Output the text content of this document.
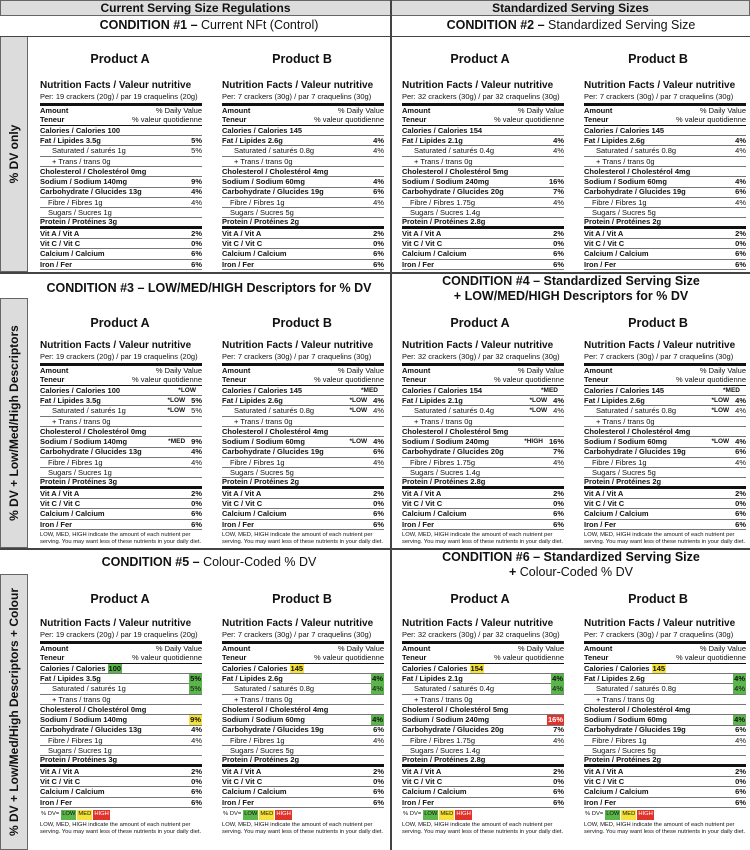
Current Serving Size Regulations	Standardized Serving Sizes
% DV only
% DV + Low/Med/High Descriptors
% DV + Low/Med/High Descriptors + Colour
CONDITION #1 – Current NFt (Control)	CONDITION #2 – Standardized Serving Size
CONDITION #3 – LOW/MED/HIGH Descriptors for % DV	CONDITION #4 – Standardized Serving Size + LOW/MED/HIGH Descriptors for % DV
CONDITION #5 – Colour-Coded % DV	CONDITION #6 – Standardized Serving Size + Colour-Coded % DV
Product A
Nutrition Facts / Valeur nutritive
Per: 19 crackers (20g) / par 19 craquelins (20g)
Amount
Teneur
% Daily Value
% valeur quotidienne
Calories / Calories 100
Fat / Lipides 3.5g	5%
Saturated / saturés 1g	5%
+ Trans / trans 0g
Cholesterol / Cholestérol 0mg
Sodium / Sodium 140mg	9%
Carbohydrate / Glucides 13g	4%
Fibre / Fibres 1g	4%
Sugars / Sucres 1g
Protein / Protéines 3g
Vit A / Vit A	2%
Vit C / Vit C	0%
Calcium / Calcium	6%
Iron / Fer	6%
Product B
Nutrition Facts / Valeur nutritive
Per: 7 crackers (30g) / par 7 craquelins (30g)
Amount
Teneur
% Daily Value
% valeur quotidienne
Calories / Calories 145
Fat / Lipides 2.6g	4%
Saturated / saturés 0.8g	4%
+ Trans / trans 0g
Cholesterol / Cholestérol 4mg
Sodium / Sodium 60mg	4%
Carbohydrate / Glucides 19g	6%
Fibre / Fibres 1g	4%
Sugars / Sucres 5g
Protein / Protéines 2g
Vit A / Vit A	2%
Vit C / Vit C	0%
Calcium / Calcium	6%
Iron / Fer	6%
Product A
Nutrition Facts / Valeur nutritive
Per: 32 crackers (30g) / par 32 craquelins (30g)
Amount
Teneur
% Daily Value
% valeur quotidienne
Calories / Calories 154
Fat / Lipides 2.1g	4%
Saturated / saturés 0.4g	4%
+ Trans / trans 0g
Cholesterol / Cholestérol 5mg
Sodium / Sodium 240mg	16%
Carbohydrate / Glucides 20g	7%
Fibre / Fibres 1.75g	4%
Sugars / Sucres 1.4g
Protein / Protéines 2.8g
Vit A / Vit A	2%
Vit C / Vit C	0%
Calcium / Calcium	6%
Iron / Fer	6%
Product B
Nutrition Facts / Valeur nutritive
Per: 7 crackers (30g) / par 7 craquelins (30g)
Amount
Teneur
% Daily Value
% valeur quotidienne
Calories / Calories 145
Fat / Lipides 2.6g	4%
Saturated / saturés 0.8g	4%
+ Trans / trans 0g
Cholesterol / Cholestérol 4mg
Sodium / Sodium 60mg	4%
Carbohydrate / Glucides 19g	6%
Fibre / Fibres 1g	4%
Sugars / Sucres 5g
Protein / Protéines 2g
Vit A / Vit A	2%
Vit C / Vit C	0%
Calcium / Calcium	6%
Iron / Fer	6%
Product A
Nutrition Facts / Valeur nutritive
Per: 19 crackers (20g) / par 19 craquelins (20g)
Amount
Teneur
% Daily Value
% valeur quotidienne
Calories / Calories 100	*LOW
Fat / Lipides 3.5g	*LOW 5%
Saturated / saturés 1g	*LOW 5%
+ Trans / trans 0g
Cholesterol / Cholestérol 0mg
Sodium / Sodium 140mg	*MED 9%
Carbohydrate / Glucides 13g	4%
Fibre / Fibres 1g	4%
Sugars / Sucres 1g
Protein / Protéines 3g
Vit A / Vit A	2%
Vit C / Vit C	0%
Calcium / Calcium	6%
Iron / Fer	6%
LOW, MED, HIGH indicate the amount of each nutrient per serving. You may want less of these nutrients in your daily diet.
Product B
Nutrition Facts / Valeur nutritive
Per: 7 crackers (30g) / par 7 craquelins (30g)
Amount
Teneur
% Daily Value
% valeur quotidienne
Calories / Calories 145	*MED
Fat / Lipides 2.6g	*LOW 4%
Saturated / saturés 0.8g	*LOW 4%
+ Trans / trans 0g
Cholesterol / Cholestérol 4mg
Sodium / Sodium 60mg	*LOW 4%
Carbohydrate / Glucides 19g	6%
Fibre / Fibres 1g	4%
Sugars / Sucres 5g
Protein / Protéines 2g
Vit A / Vit A	2%
Vit C / Vit C	0%
Calcium / Calcium	6%
Iron / Fer	6%
LOW, MED, HIGH indicate the amount of each nutrient per serving. You may want less of these nutrients in your daily diet.
Product A
Nutrition Facts / Valeur nutritive
Per: 32 crackers (30g) / par 32 craquelins (30g)
Amount
Teneur
% Daily Value
% valeur quotidienne
Calories / Calories 154	*MED
Fat / Lipides 2.1g	*LOW 4%
Saturated / saturés 0.4g	*LOW 4%
+ Trans / trans 0g
Cholesterol / Cholestérol 5mg
Sodium / Sodium 240mg	*HIGH 16%
Carbohydrate / Glucides 20g	7%
Fibre / Fibres 1.75g	4%
Sugars / Sucres 1.4g
Protein / Protéines 2.8g
Vit A / Vit A	2%
Vit C / Vit C	0%
Calcium / Calcium	6%
Iron / Fer	6%
LOW, MED, HIGH indicate the amount of each nutrient per serving. You may want less of these nutrients in your daily diet.
Product B
Nutrition Facts / Valeur nutritive
Per: 7 crackers (30g) / par 7 craquelins (30g)
Amount
Teneur
% Daily Value
% valeur quotidienne
Calories / Calories 145	*MED
Fat / Lipides 2.6g	*LOW 4%
Saturated / saturés 0.8g	*LOW 4%
+ Trans / trans 0g
Cholesterol / Cholestérol 4mg
Sodium / Sodium 60mg	*LOW 4%
Carbohydrate / Glucides 19g	6%
Fibre / Fibres 1g	4%
Sugars / Sucres 5g
Protein / Protéines 2g
Vit A / Vit A	2%
Vit C / Vit C	0%
Calcium / Calcium	6%
Iron / Fer	6%
LOW, MED, HIGH indicate the amount of each nutrient per serving. You may want less of these nutrients in your daily diet.
Product A
Nutrition Facts / Valeur nutritive
Per: 19 crackers (20g) / par 19 craquelins (20g)
Amount
Teneur
% Daily Value
% valeur quotidienne
Calories / Calories 100
Fat / Lipides 3.5g	5%
Saturated / saturés 1g	5%
+ Trans / trans 0g
Cholesterol / Cholestérol 0mg
Sodium / Sodium 140mg	9%
Carbohydrate / Glucides 13g	4%
Fibre / Fibres 1g	4%
Sugars / Sucres 1g
Protein / Protéines 3g
Vit A / Vit A	2%
Vit C / Vit C	0%
Calcium / Calcium	6%
Iron / Fer	6%
% DV= LOW MED HIGH
LOW, MED, HIGH indicate the amount of each nutrient per serving. You may want less of these nutrients in your daily diet.
Product B
Nutrition Facts / Valeur nutritive
Per: 7 crackers (30g) / par 7 craquelins (30g)
Amount
Teneur
% Daily Value
% valeur quotidienne
Calories / Calories 145
Fat / Lipides 2.6g	4%
Saturated / saturés 0.8g	4%
+ Trans / trans 0g
Cholesterol / Cholestérol 4mg
Sodium / Sodium 60mg	4%
Carbohydrate / Glucides 19g	6%
Fibre / Fibres 1g	4%
Sugars / Sucres 5g
Protein / Protéines 2g
Vit A / Vit A	2%
Vit C / Vit C	0%
Calcium / Calcium	6%
Iron / Fer	6%
% DV= LOW MED HIGH
LOW, MED, HIGH indicate the amount of each nutrient per serving. You may want less of these nutrients in your daily diet.
Product A
Nutrition Facts / Valeur nutritive
Per: 32 crackers (30g) / par 32 craquelins (30g)
Amount
Teneur
% Daily Value
% valeur quotidienne
Calories / Calories 154
Fat / Lipides 2.1g	4%
Saturated / saturés 0.4g	4%
+ Trans / trans 0g
Cholesterol / Cholestérol 5mg
Sodium / Sodium 240mg	16%
Carbohydrate / Glucides 20g	7%
Fibre / Fibres 1.75g	4%
Sugars / Sucres 1.4g
Protein / Protéines 2.8g
Vit A / Vit A	2%
Vit C / Vit C	0%
Calcium / Calcium	6%
Iron / Fer	6%
% DV= LOW MED HIGH
LOW, MED, HIGH indicate the amount of each nutrient per serving. You may want less of these nutrients in your daily diet.
Product B
Nutrition Facts / Valeur nutritive
Per: 7 crackers (30g) / par 7 craquelins (30g)
Amount
Teneur
% Daily Value
% valeur quotidienne
Calories / Calories 145
Fat / Lipides 2.6g	4%
Saturated / saturés 0.8g	4%
+ Trans / trans 0g
Cholesterol / Cholestérol 4mg
Sodium / Sodium 60mg	4%
Carbohydrate / Glucides 19g	6%
Fibre / Fibres 1g	4%
Sugars / Sucres 5g
Protein / Protéines 2g
Vit A / Vit A	2%
Vit C / Vit C	0%
Calcium / Calcium	6%
Iron / Fer	6%
% DV= LOW MED HIGH
LOW, MED, HIGH indicate the amount of each nutrient per serving. You may want less of these nutrients in your daily diet.
